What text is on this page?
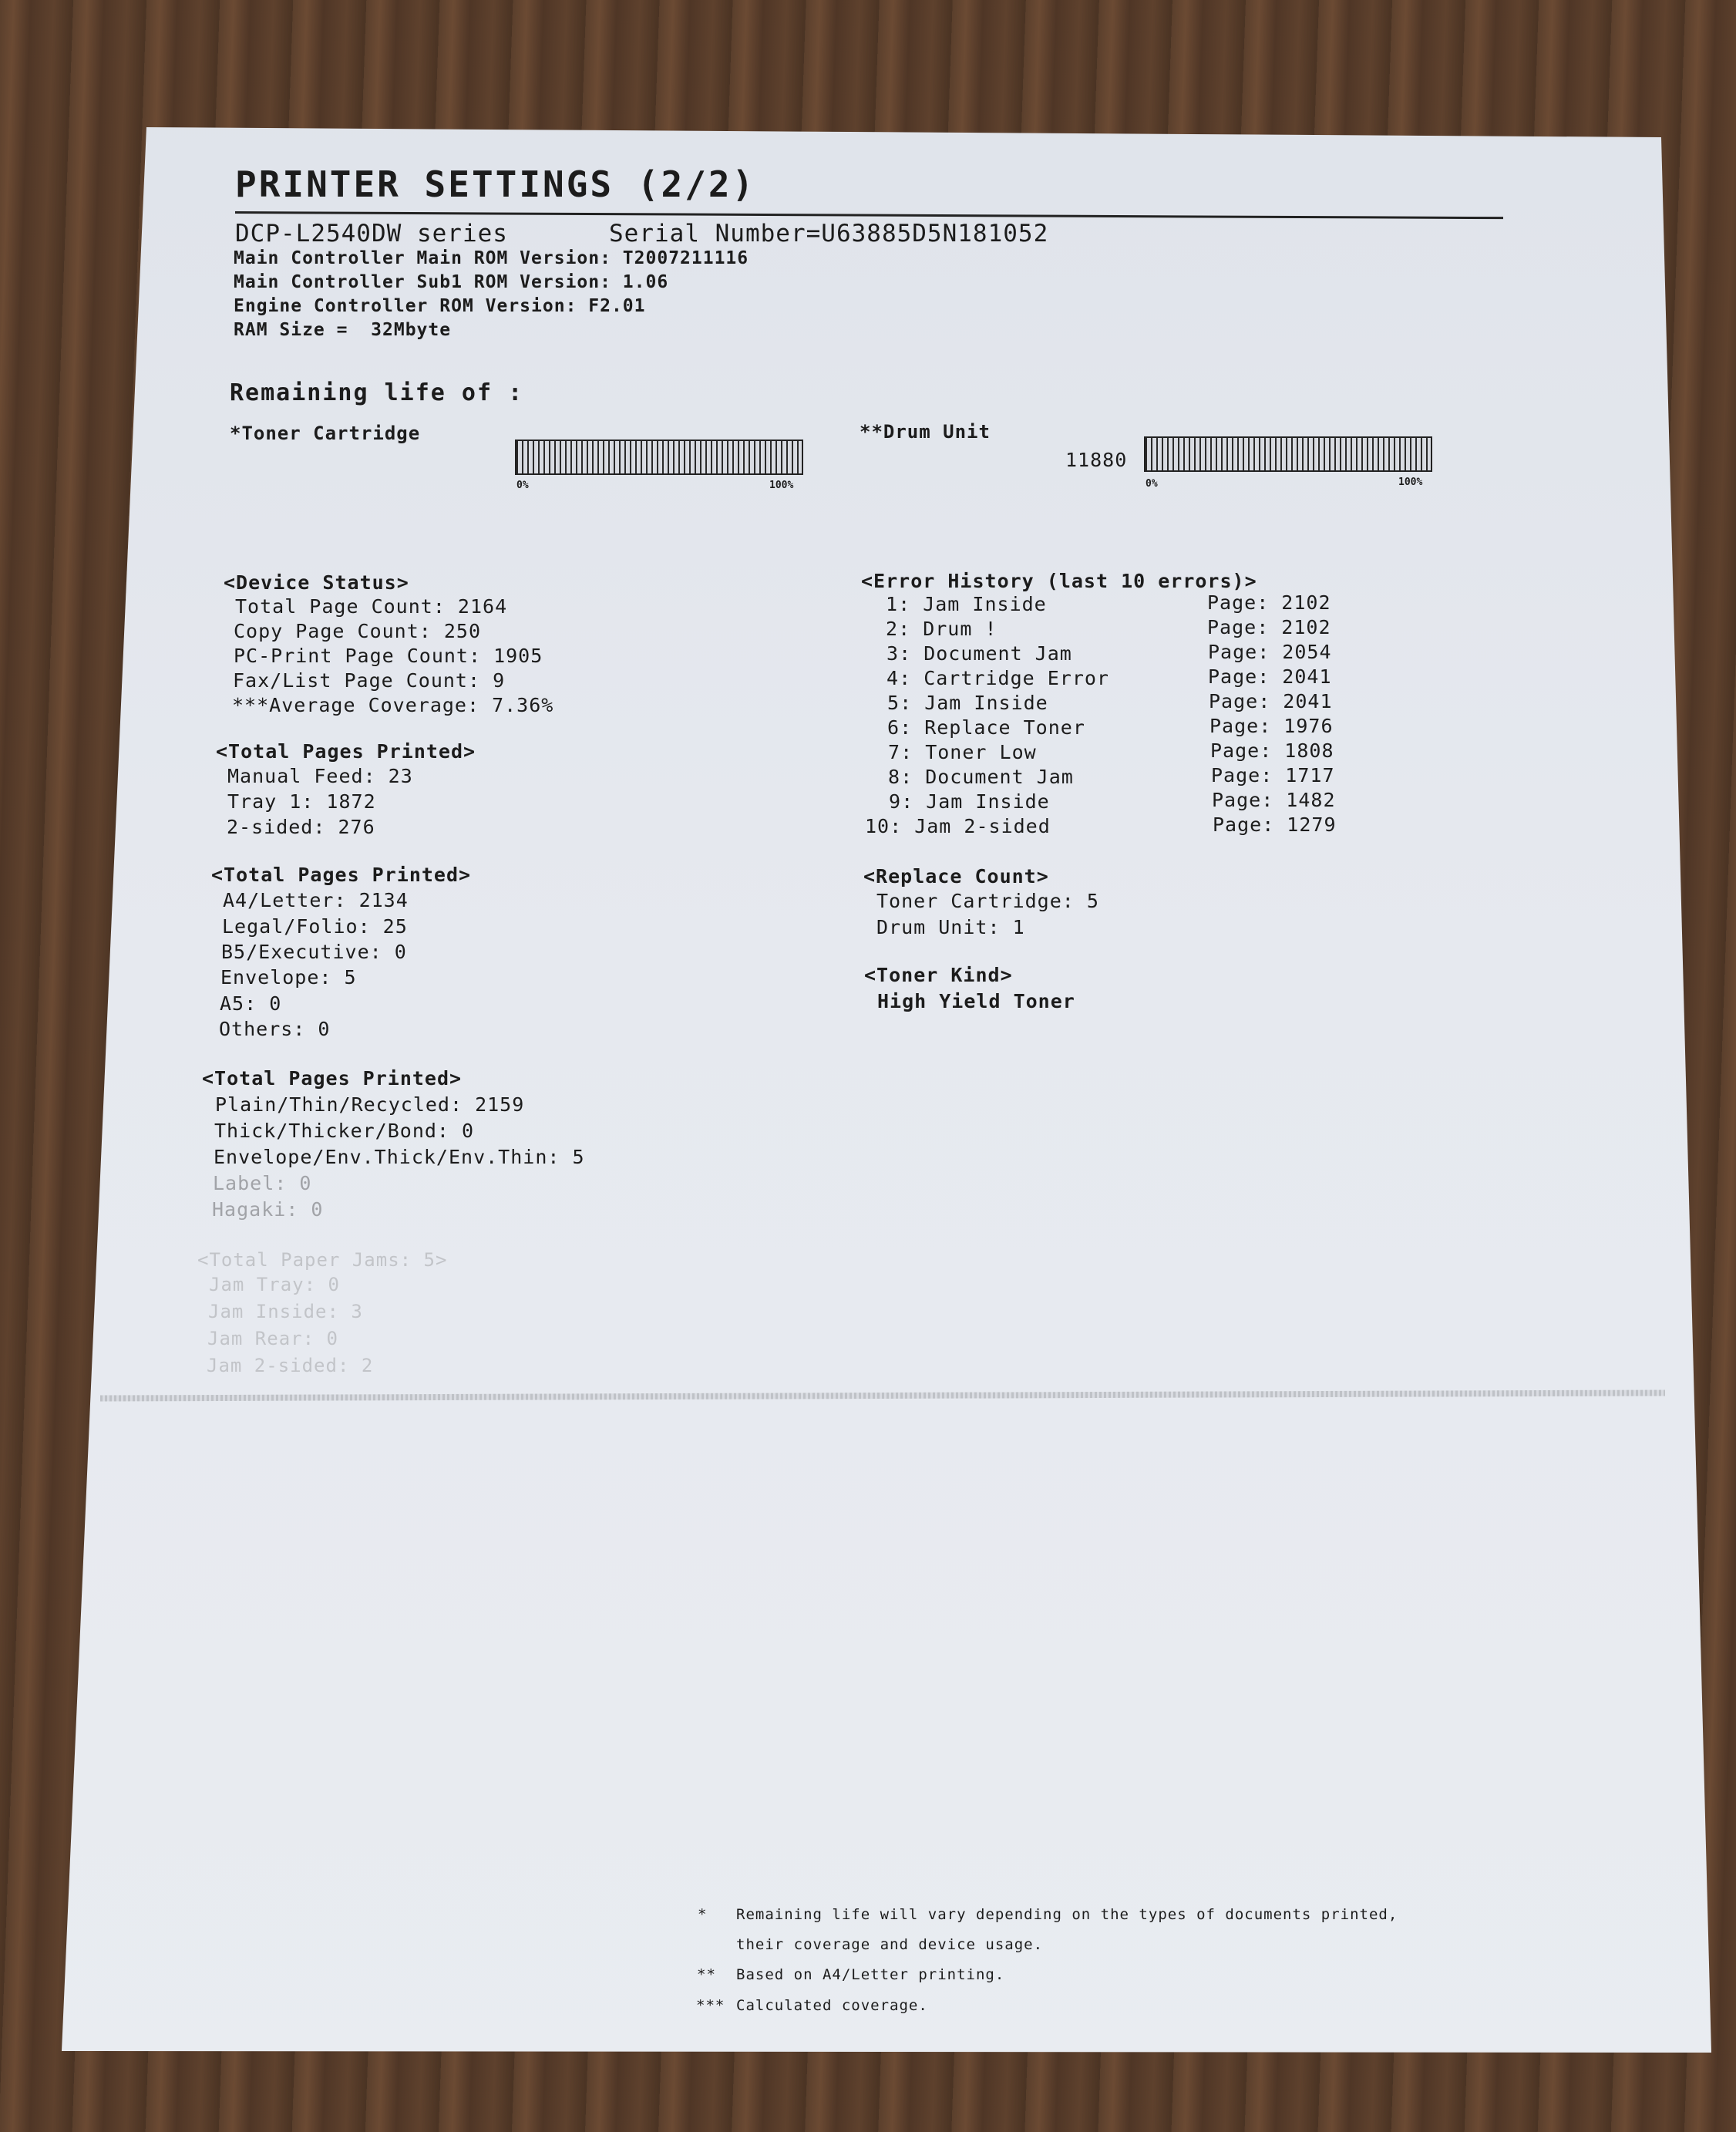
PRINTER SETTINGS (2/2)
DCP-L2540DW series	Serial Number=U63885D5N181052
Main Controller Main ROM Version: T2007211116
Main Controller Sub1 ROM Version: 1.06
Engine Controller ROM Version: F2.01
RAM Size =  32Mbyte
Remaining life of :
*Toner Cartridge
0%	100%
**Drum Unit
11880
0%	100%
<Device Status>
Total Page Count: 2164
Copy Page Count: 250
PC-Print Page Count: 1905
Fax/List Page Count: 9
***Average Coverage: 7.36%
<Total Pages Printed>
Manual Feed: 23
Tray 1: 1872
2-sided: 276
<Total Pages Printed>
A4/Letter: 2134
Legal/Folio: 25
B5/Executive: 0
Envelope: 5
A5: 0
Others: 0
<Total Pages Printed>
Plain/Thin/Recycled: 2159
Thick/Thicker/Bond: 0
Envelope/Env.Thick/Env.Thin: 5
Label: 0
Hagaki: 0
<Total Paper Jams: 5>
Jam Tray: 0
Jam Inside: 3
Jam Rear: 0
Jam 2-sided: 2
<Error History (last 10 errors)>
1: Jam Inside	Page: 2102
2: Drum !	Page: 2102
3: Document Jam	Page: 2054
4: Cartridge Error	Page: 2041
5: Jam Inside	Page: 2041
6: Replace Toner	Page: 1976
7: Toner Low	Page: 1808
8: Document Jam	Page: 1717
9: Jam Inside	Page: 1482
10: Jam 2-sided	Page: 1279
<Replace Count>
Toner Cartridge: 5
Drum Unit: 1
<Toner Kind>
High Yield Toner
* Remaining life will vary depending on the types of documents printed,
their coverage and device usage.
** Based on A4/Letter printing.
*** Calculated coverage.
